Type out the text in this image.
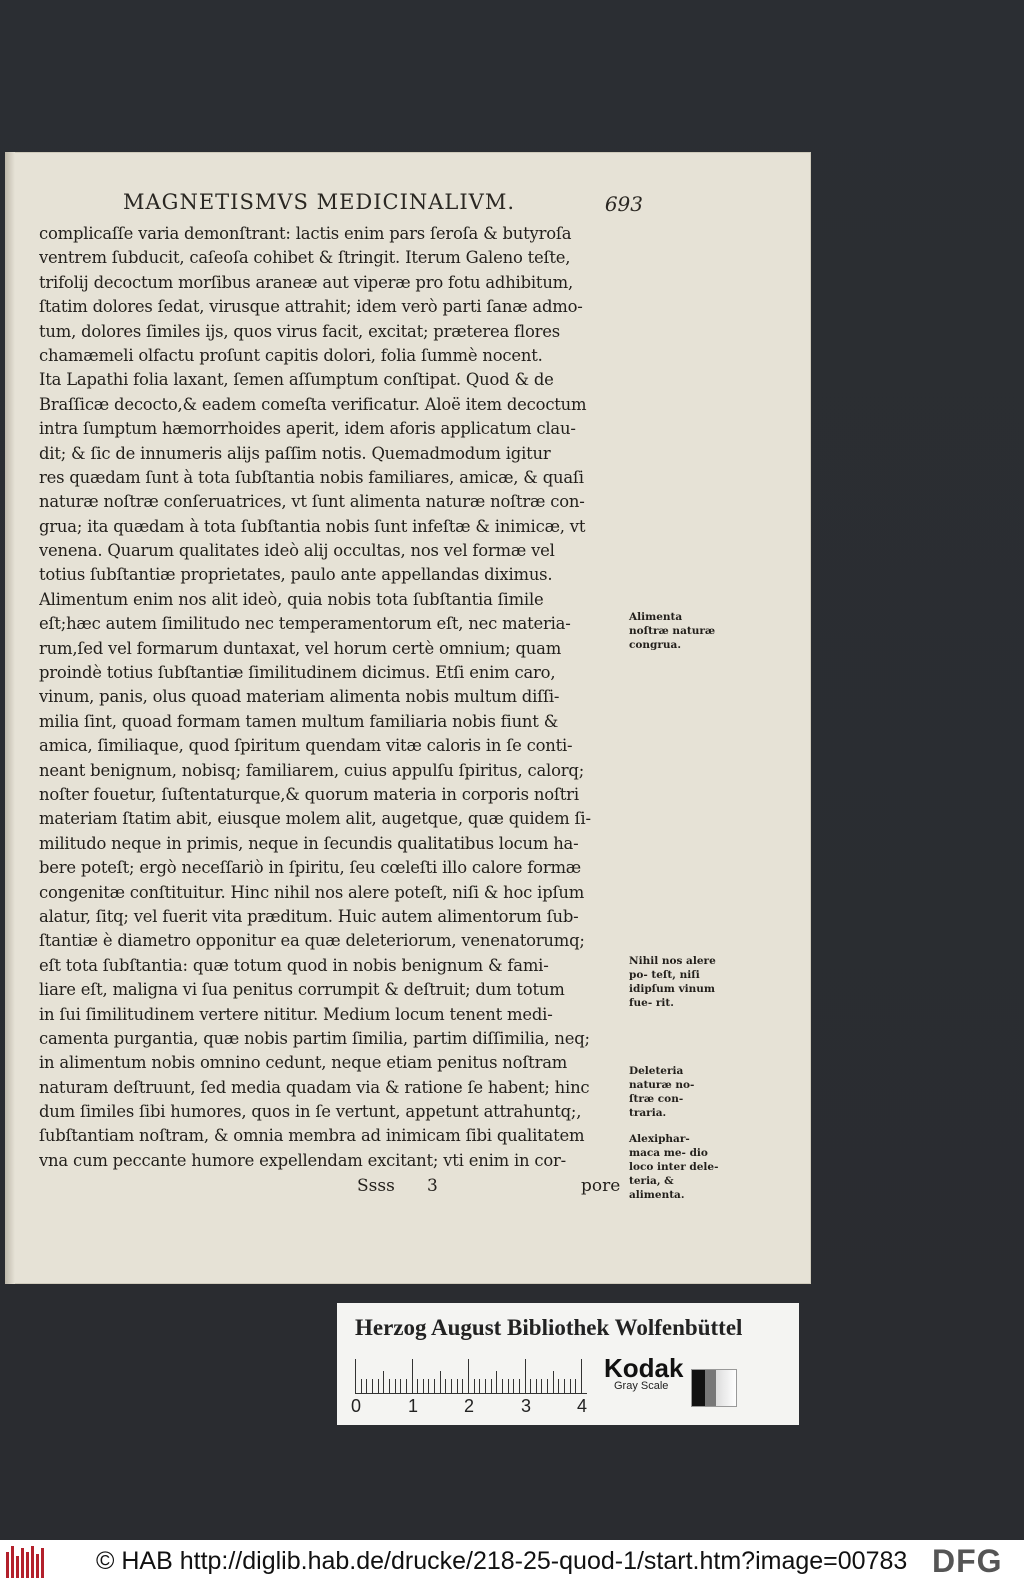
MAGNETISMVS MEDICINALIVM.	693
complicaſſe varia demonſtrant: lactis enim pars ſeroſa & butyroſa
ventrem ſubducit, caſeoſa cohibet & ſtringit. Iterum Galeno teſte,
trifolij decoctum morſibus araneæ aut viperæ pro fotu adhibitum,
ſtatim dolores ſedat, virusque attrahit; idem verò parti ſanæ admo-
tum, dolores ſimiles ijs, quos virus facit, excitat; præterea flores
chamæmeli olfactu proſunt capitis dolori, folia ſummè nocent.
Ita Lapathi folia laxant, ſemen aſſumptum conſtipat. Quod & de
Braſſicæ decocto,& eadem comeſta verificatur. Aloë item decoctum
intra ſumptum hæmorrhoides aperit, idem aforis applicatum clau-
dit; & ſic de innumeris alijs paſſim notis. Quemadmodum igitur
res quædam ſunt à tota ſubſtantia nobis familiares, amicæ, & quaſi
naturæ noſtræ conſeruatrices, vt ſunt alimenta naturæ noſtræ con-
grua; ita quædam à tota ſubſtantia nobis ſunt infeſtæ & inimicæ, vt
venena. Quarum qualitates ideò alij occultas, nos vel formæ vel
totius ſubſtantiæ proprietates, paulo ante appellandas diximus.
Alimentum enim nos alit ideò, quia nobis tota ſubſtantia ſimile
eſt;hæc autem ſimilitudo nec temperamentorum eſt, nec materia-
rum,ſed vel formarum duntaxat, vel horum certè omnium; quam
proindè totius ſubſtantiæ ſimilitudinem dicimus. Etſi enim caro,
vinum, panis, olus quoad materiam alimenta nobis multum diſſi-
milia ſint, quoad formam tamen multum familiaria nobis fiunt &
amica, ſimiliaque, quod ſpiritum quendam vitæ caloris in ſe conti-
neant benignum, nobisq; familiarem, cuius appulſu ſpiritus, calorq;
noſter fouetur, ſuſtentaturque,& quorum materia in corporis noſtri
materiam ſtatim abit, eiusque molem alit, augetque, quæ quidem ſi-
militudo neque in primis, neque in ſecundis qualitatibus locum ha-
bere poteſt; ergò neceſſariò in ſpiritu, ſeu cœleſti illo calore formæ
congenitæ conſtituitur. Hinc nihil nos alere poteſt, niſi & hoc ipſum
alatur, ſitq; vel fuerit vita præditum. Huic autem alimentorum ſub-
ſtantiæ è diametro opponitur ea quæ deleteriorum, venenatorumq;
eſt tota ſubſtantia: quæ totum quod in nobis benignum & fami-
liare eſt, maligna vi ſua penitus corrumpit & deſtruit; dum totum
in ſui ſimilitudinem vertere nititur. Medium locum tenent medi-
camenta purgantia, quæ nobis partim ſimilia, partim diſſimilia, neq;
in alimentum nobis omnino cedunt, neque etiam penitus noſtram
naturam deſtruunt, ſed media quadam via & ratione ſe habent; hinc
dum ſimiles ſibi humores, quos in ſe vertunt, appetunt attrahuntq;,
ſubſtantiam noſtram, & omnia membra ad inimicam ſibi qualitatem
vna cum peccante humore expellendam excitant; vti enim in cor-
Alimenta noſtræ naturæ congrua.
Nihil nos alere po- teſt, niſi idipſum vinum fue- rit.
Deleteria naturæ no- ſtræ con- traria.
Alexiphar- maca me- dio loco inter dele- teria, & alimenta.
Ssss 3	pore
Herzog August Bibliothek Wolfenbüttel
0	1	2	3	4
Kodak
Gray Scale
© HAB http://diglib.hab.de/drucke/218-25-quod-1/start.htm?image=00783 DFG
